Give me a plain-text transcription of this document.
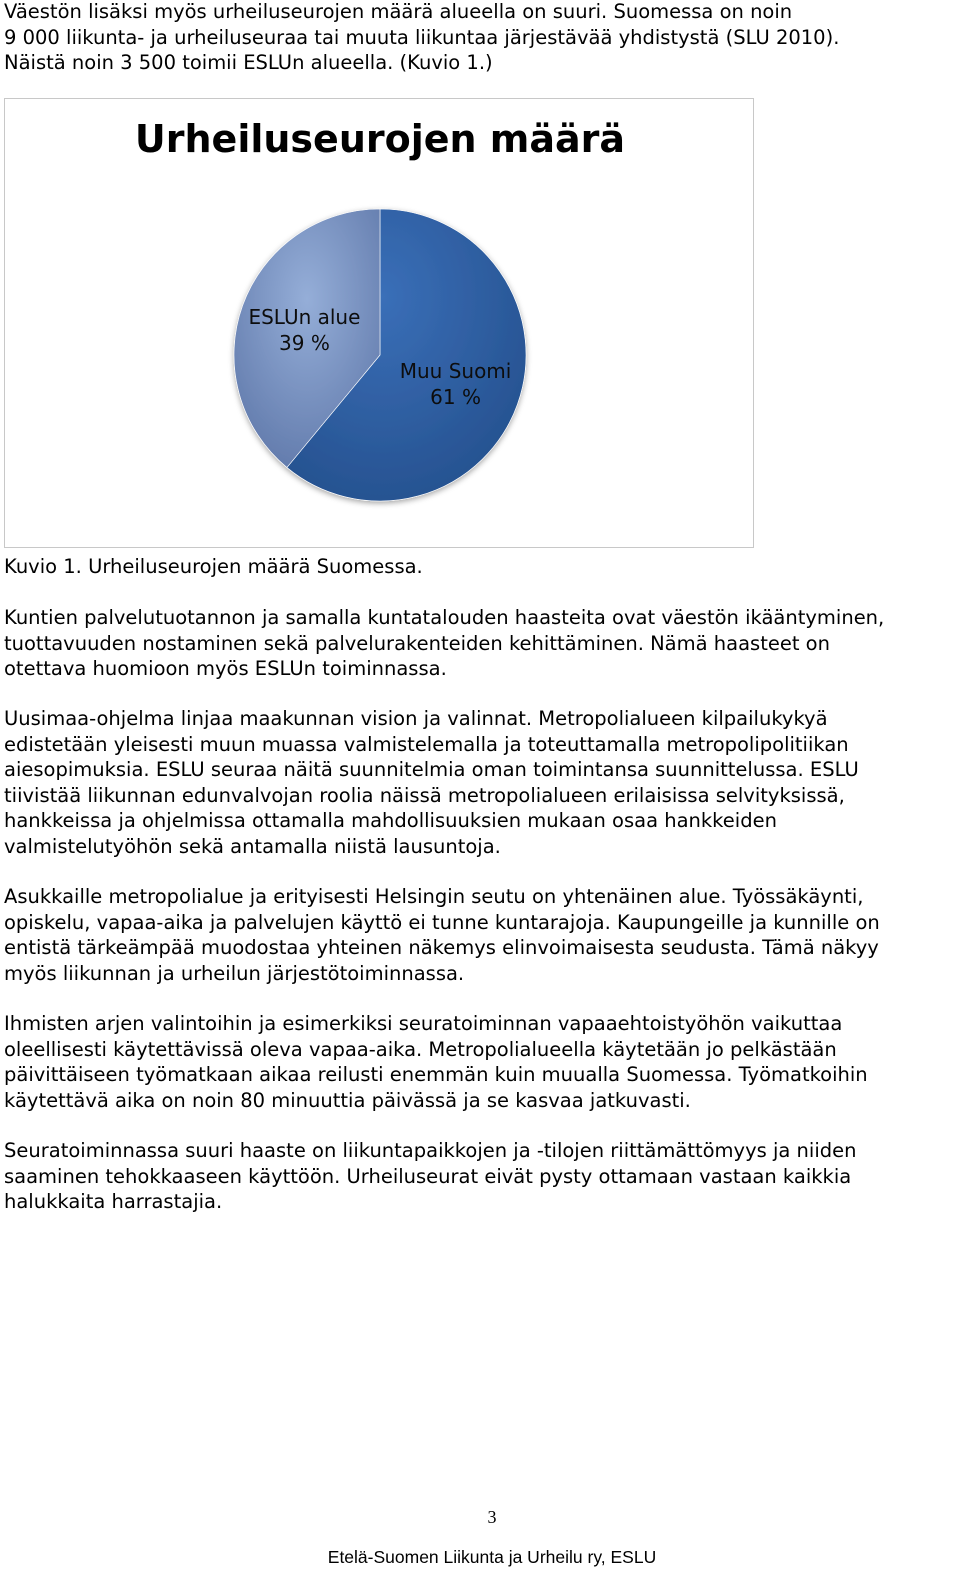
Väestön lisäksi myös urheiluseurojen määrä alueella on suuri. Suomessa on noin
9 000 liikunta- ja urheiluseuraa tai muuta liikuntaa järjestävää yhdistystä (SLU 2010).
Näistä noin 3 500 toimii ESLUn alueella. (Kuvio 1.)
Urheiluseurojen määrä
Muu Suomi
61 %
ESLUn alue
39 %
Kuvio 1. Urheiluseurojen määrä Suomessa.
Kuntien palvelutuotannon ja samalla kuntatalouden haasteita ovat väestön ikääntyminen,
tuottavuuden nostaminen sekä palvelurakenteiden kehittäminen. Nämä haasteet on
otettava huomioon myös ESLUn toiminnassa.
Uusimaa-ohjelma linjaa maakunnan vision ja valinnat. Metropolialueen kilpailukykyä
edistetään yleisesti muun muassa valmistelemalla ja toteuttamalla metropolipolitiikan
aiesopimuksia. ESLU seuraa näitä suunnitelmia oman toimintansa suunnittelussa. ESLU
tiivistää liikunnan edunvalvojan roolia näissä metropolialueen erilaisissa selvityksissä,
hankkeissa ja ohjelmissa ottamalla mahdollisuuksien mukaan osaa hankkeiden
valmistelutyöhön sekä antamalla niistä lausuntoja.
Asukkaille metropolialue ja erityisesti Helsingin seutu on yhtenäinen alue. Työssäkäynti,
opiskelu, vapaa-aika ja palvelujen käyttö ei tunne kuntarajoja. Kaupungeille ja kunnille on
entistä tärkeämpää muodostaa yhteinen näkemys elinvoimaisesta seudusta. Tämä näkyy
myös liikunnan ja urheilun järjestötoiminnassa.
Ihmisten arjen valintoihin ja esimerkiksi seuratoiminnan vapaaehtoistyöhön vaikuttaa
oleellisesti käytettävissä oleva vapaa-aika. Metropolialueella käytetään jo pelkästään
päivittäiseen työmatkaan aikaa reilusti enemmän kuin muualla Suomessa. Työmatkoihin
käytettävä aika on noin 80 minuuttia päivässä ja se kasvaa jatkuvasti.
Seuratoiminnassa suuri haaste on liikuntapaikkojen ja -tilojen riittämättömyys ja niiden
saaminen tehokkaaseen käyttöön. Urheiluseurat eivät pysty ottamaan vastaan kaikkia
halukkaita harrastajia.
3
Etelä-Suomen Liikunta ja Urheilu ry, ESLU
